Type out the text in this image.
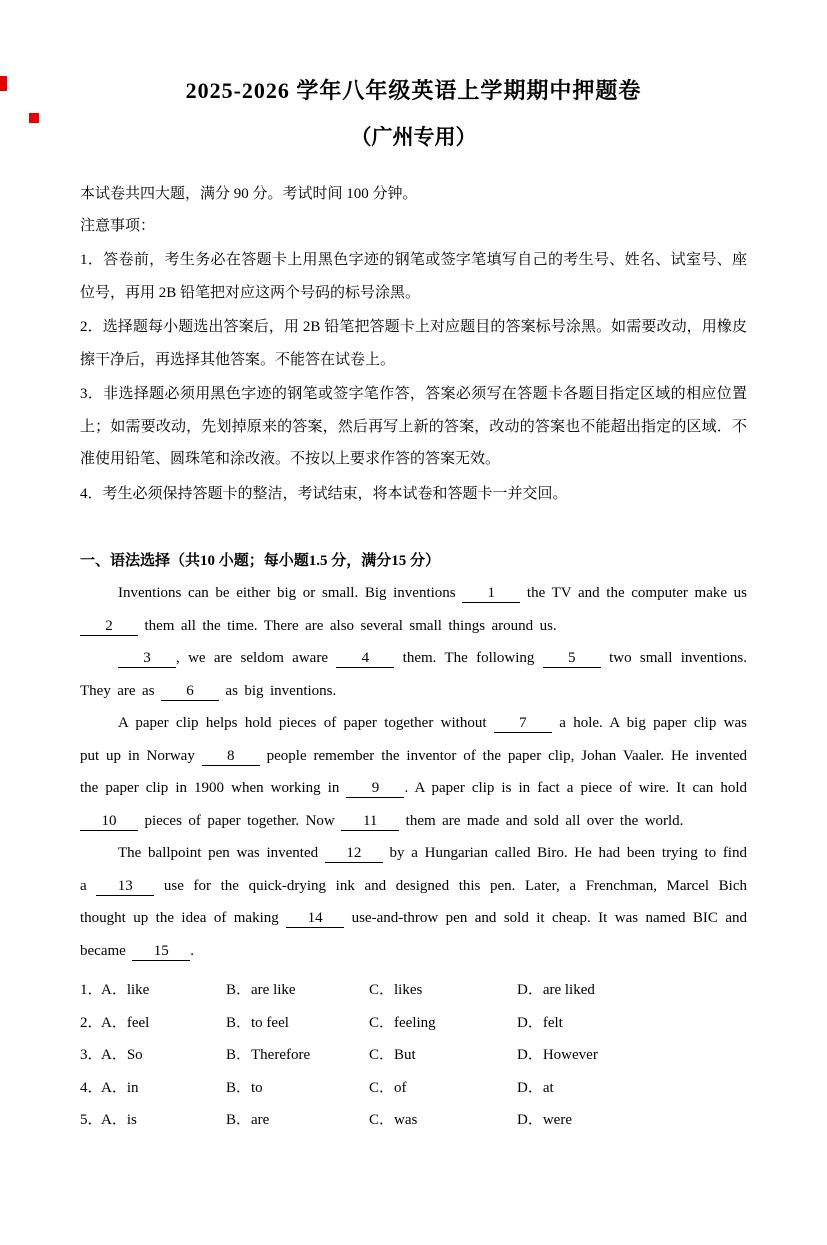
2025-2026 学年八年级英语上学期期中押题卷
（广州专用）

本试卷共四大题，满分 90 分。考试时间 100 分钟。

注意事项：

1．答卷前，考生务必在答题卡上用黑色字迹的钢笔或签字笔填写自己的考生号、姓名、试室号、座位号，再用 2B 铅笔把对应这两个号码的标号涂黑。

2．选择题每小题选出答案后，用 2B 铅笔把答题卡上对应题目的答案标号涂黑。如需要改动，用橡皮擦干净后，再选择其他答案。不能答在试卷上。

3．非选择题必须用黑色字迹的钢笔或签字笔作答，答案必须写在答题卡各题目指定区域的相应位置上；如需要改动，先划掉原来的答案，然后再写上新的答案，改动的答案也不能超出指定的区域．不准使用铅笔、圆珠笔和涂改液。不按以上要求作答的答案无效。

4．考生必须保持答题卡的整洁，考试结束，将本试卷和答题卡一并交回。

一、语法选择（共10 小题；每小题1.5 分，满分15 分）

Inventions can be either big or small. Big inventions 1 the TV and the computer make us 2 them all the time. There are also several small things around us.

3 , we are seldom aware 4 them. The following 5 two small inventions. They are as 6 as big inventions.

A paper clip helps hold pieces of paper together without 7 a hole. A big paper clip was put up in Norway 8 people remember the inventor of the paper clip, Johan Vaaler. He invented the paper clip in 1900 when working in 9 . A paper clip is in fact a piece of wire. It can hold 10 pieces of paper together. Now 11 them are made and sold all over the world.

The ballpoint pen was invented 12 by a Hungarian called Biro. He had been trying to find a 13 use for the quick-drying ink and designed this pen. Later, a Frenchman, Marcel Bich thought up the idea of making 14 use-and-throw pen and sold it cheap. It was named BIC and became 15 .

1．
A．like	B．are like	C．likes	D．are liked
2．
A．feel	B．to feel	C．feeling	D．felt
3．
A．So	B．Therefore	C．But	D．However
4．
A．in	B．to	C．of	D．at
5．
A．is	B．are	C．was	D．were
